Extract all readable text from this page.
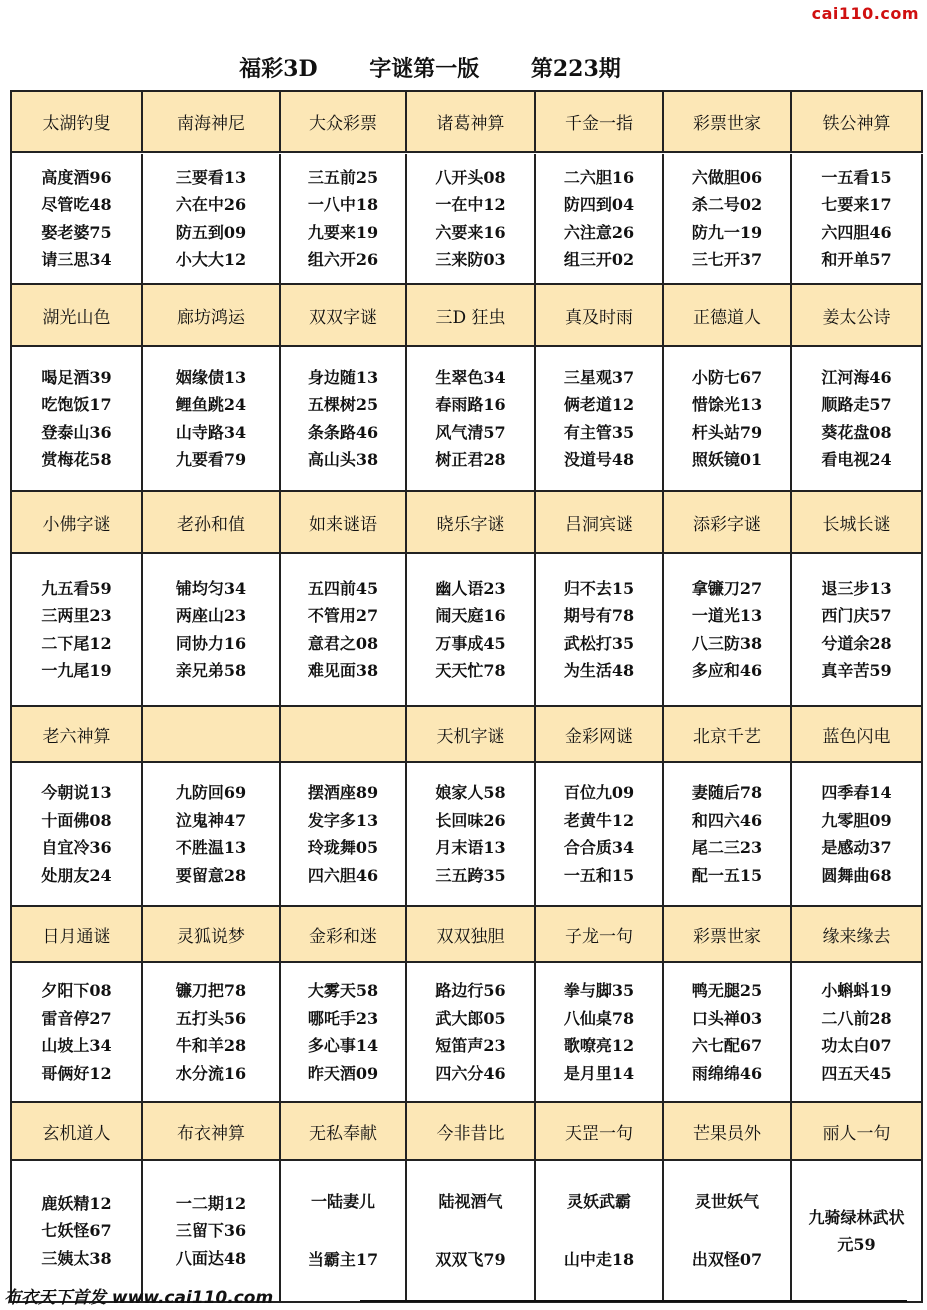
cai110.com
福彩3D　　 字谜第一版　　 第223期
太湖钓叟
高度酒96
尽管吃48
娶老婆75
请三思34
南海神尼
三要看13
六在中26
防五到09
小大大12
大众彩票
三五前25
一八中18
九要来19
组六开26
诸葛神算
八开头08
一在中12
六要来16
三来防03
千金一指
二六胆16
防四到04
六注意26
组三开02
彩票世家
六做胆06
杀二号02
防九一19
三七开37
铁公神算
一五看15
七要来17
六四胆46
和开单57
湖光山色
喝足酒39
吃饱饭17
登泰山36
赏梅花58
廊坊鸿运
姻缘债13
鲤鱼跳24
山寺路34
九要看79
双双字谜
身边随13
五棵树25
条条路46
高山头38
三D 狂虫
生翠色34
春雨路16
风气清57
树正君28
真及时雨
三星观37
俩老道12
有主管35
没道号48
正德道人
小防七67
惜馀光13
杆头站79
照妖镜01
姜太公诗
江河海46
顺路走57
葵花盘08
看电视24
小佛字谜
九五看59
三两里23
二下尾12
一九尾19
老孙和值
铺均匀34
两座山23
同协力16
亲兄弟58
如来谜语
五四前45
不管用27
意君之08
难见面38
晓乐字谜
幽人语23
闹天庭16
万事成45
天天忙78
吕洞宾谜
归不去15
期号有78
武松打35
为生活48
添彩字谜
拿镰刀27
一道光13
八三防38
多应和46
长城长谜
退三步13
西门庆57
兮道余28
真辛苦59
老六神算
今朝说13
十面佛08
自宜冷36
处朋友24
九防回69
泣鬼神47
不胜温13
要留意28
摆酒座89
发字多13
玲珑舞05
四六胆46
天机字谜
娘家人58
长回味26
月末语13
三五跨35
金彩网谜
百位九09
老黄牛12
合合质34
一五和15
北京千艺
妻随后78
和四六46
尾二三23
配一五15
蓝色闪电
四季春14
九零胆09
是感动37
圆舞曲68
日月通谜
夕阳下08
雷音停27
山坡上34
哥俩好12
灵狐说梦
镰刀把78
五打头56
牛和羊28
水分流16
金彩和迷
大雾天58
哪吒手23
多心事14
昨天酒09
双双独胆
路边行56
武大郎05
短笛声23
四六分46
子龙一句
拳与脚35
八仙桌78
歌嘹亮12
是月里14
彩票世家
鸭无腿25
口头禅03
六七配67
雨绵绵46
缘来缘去
小蝌蚪19
二八前28
功太白07
四五天45
玄机道人
鹿妖精12
七妖怪67
三姨太38
布衣神算
一二期12
三留下36
八面达48
无私奉献
一陆妻儿
当霸主17
今非昔比
陆视酒气
双双飞79
天罡一句
灵妖武霸
山中走18
芒果员外
灵世妖气
出双怪07
丽人一句
九骑绿林武状元59
布衣天下首发 www.cai110.com
